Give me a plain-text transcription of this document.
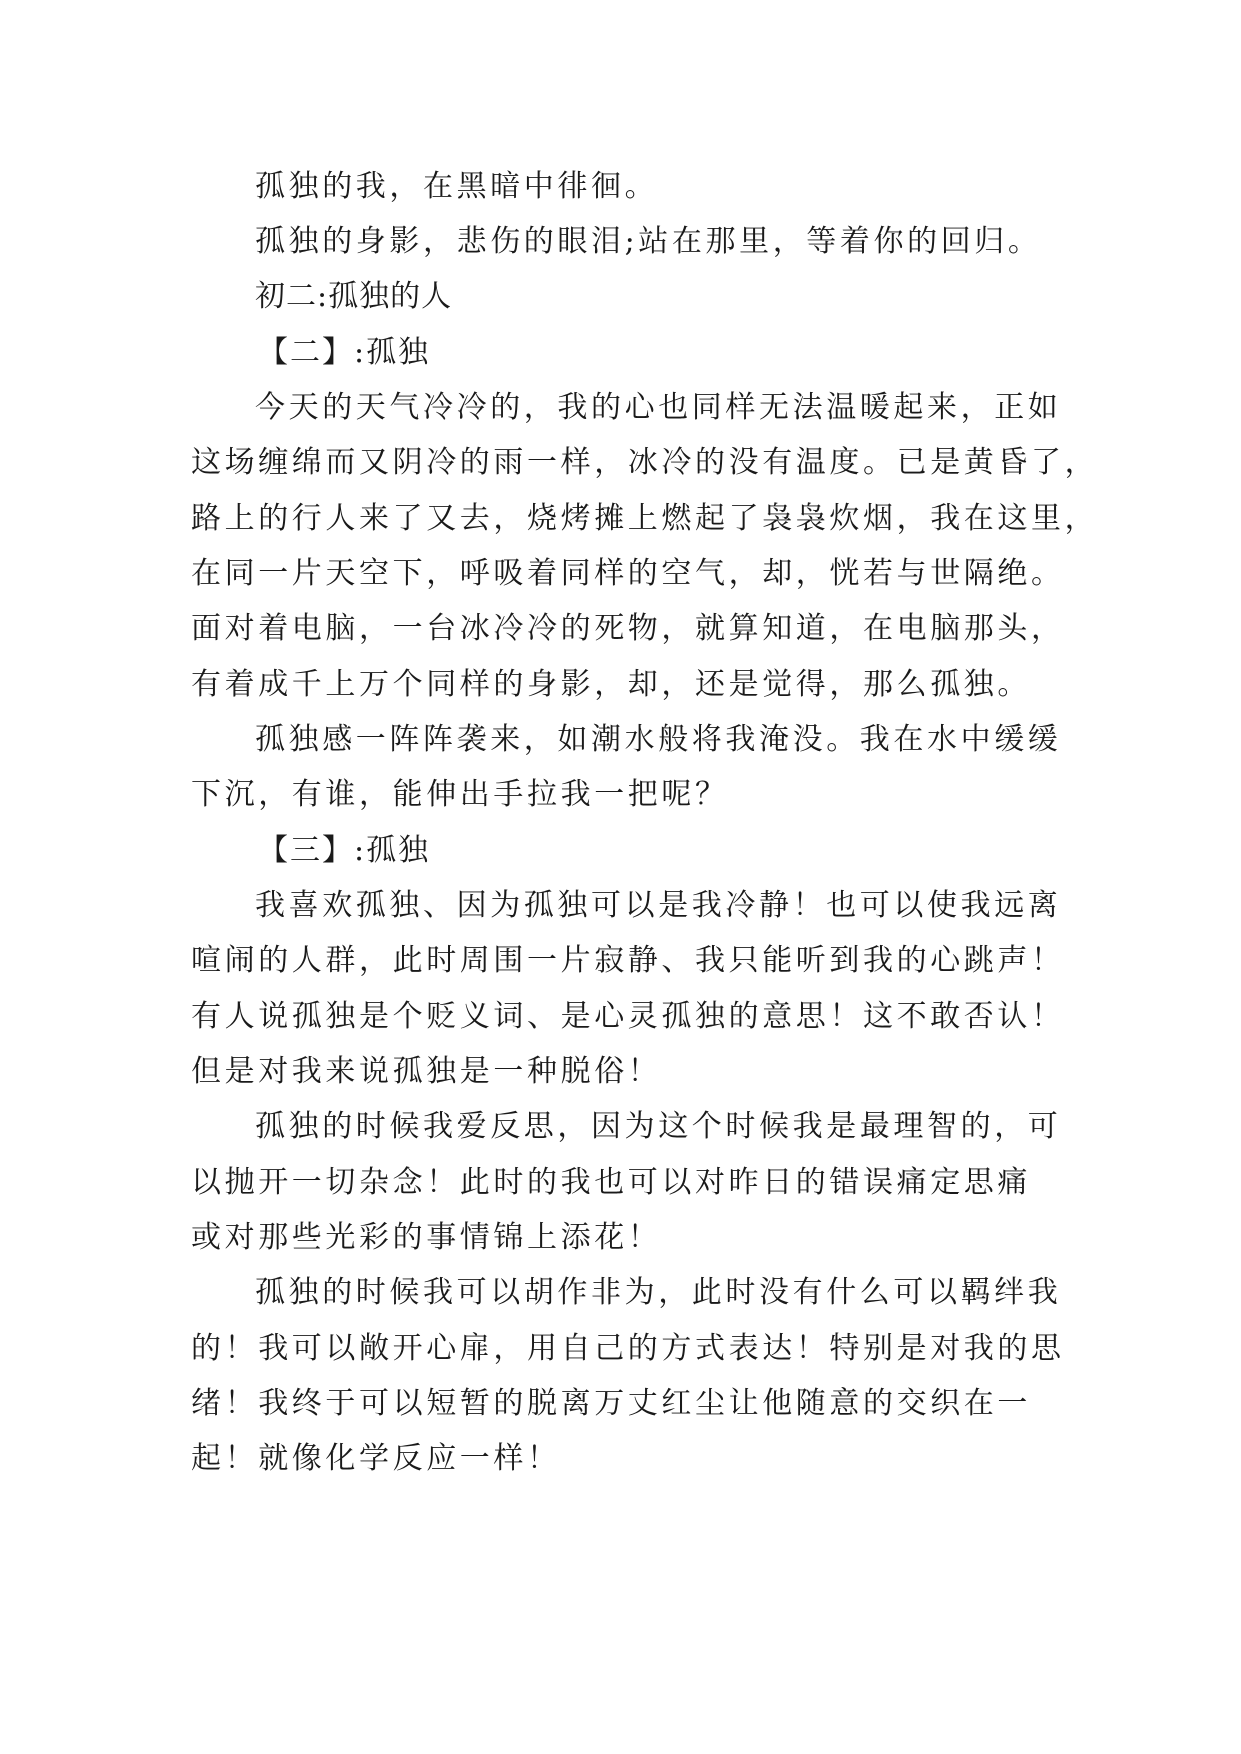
孤独的我，在黑暗中徘徊。
孤独的身影，悲伤的眼泪;站在那里，等着你的回归。
初二:孤独的人
【二】:孤独
今天的天气冷冷的，我的心也同样无法温暖起来，正如
这场缠绵而又阴冷的雨一样，冰冷的没有温度。已是黄昏了，
路上的行人来了又去，烧烤摊上燃起了袅袅炊烟，我在这里，
在同一片天空下，呼吸着同样的空气，却，恍若与世隔绝。
面对着电脑，一台冰冷冷的死物，就算知道，在电脑那头，
有着成千上万个同样的身影，却，还是觉得，那么孤独。
孤独感一阵阵袭来，如潮水般将我淹没。我在水中缓缓
下沉，有谁，能伸出手拉我一把呢？
【三】:孤独
我喜欢孤独、因为孤独可以是我冷静！也可以使我远离
喧闹的人群，此时周围一片寂静、我只能听到我的心跳声！
有人说孤独是个贬义词、是心灵孤独的意思！这不敢否认！
但是对我来说孤独是一种脱俗！
孤独的时候我爱反思，因为这个时候我是最理智的，可
以抛开一切杂念！此时的我也可以对昨日的错误痛定思痛
或对那些光彩的事情锦上添花！
孤独的时候我可以胡作非为，此时没有什么可以羁绊我
的！我可以敞开心扉，用自己的方式表达！特别是对我的思
绪！我终于可以短暂的脱离万丈红尘让他随意的交织在一
起！就像化学反应一样！
